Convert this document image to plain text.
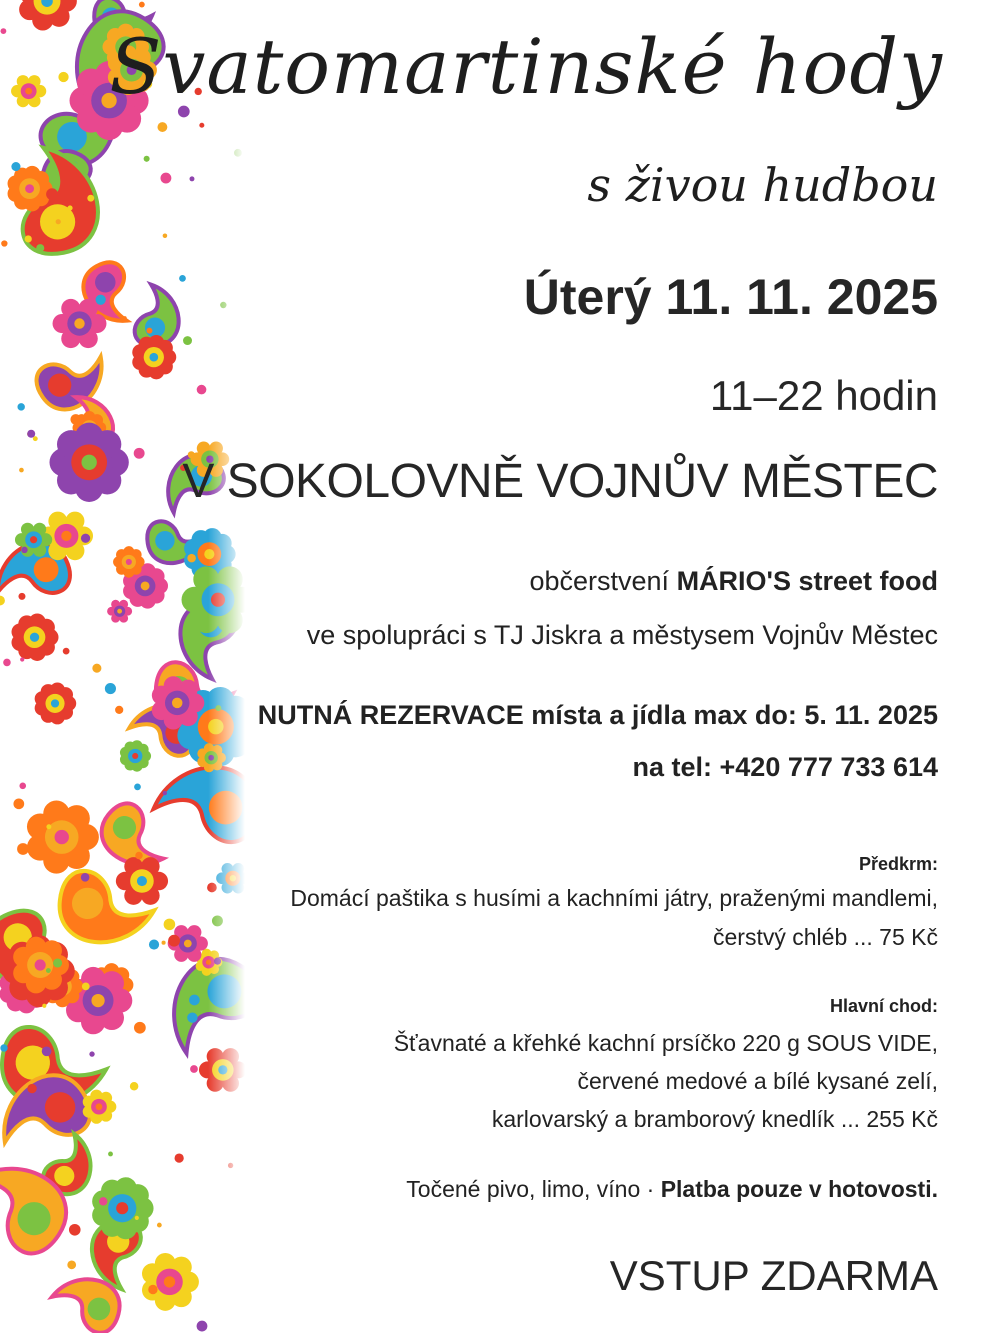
Svatomartinské hody

s živou hudbou

Úterý 11. 11. 2025

11–22 hodin

V SOKOLOVNĚ VOJNŮV MĚSTEC

občerstvení MÁRIO'S street food

ve spolupráci s TJ Jiskra a městysem Vojnův Městec

NUTNÁ REZERVACE místa a jídla max do: 5. 11. 2025

na tel: +420 777 733 614

Předkrm:

Domácí paštika s husími a kachními játry, praženými mandlemi,

čerstvý chléb ... 75 Kč

Hlavní chod:

Šťavnaté a křehké kachní prsíčko 220 g SOUS VIDE,

červené medové a bílé kysané zelí,

karlovarský a bramborový knedlík ... 255 Kč

Točené pivo, limo, víno · Platba pouze v hotovosti.

VSTUP ZDARMA
